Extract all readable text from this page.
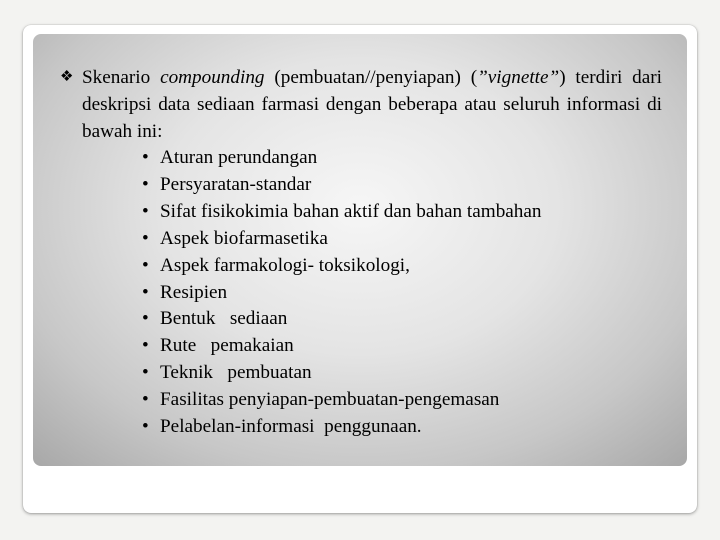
❖ Skenario compounding (pembuatan//penyiapan) (”vignette”) terdiri dari deskripsi data sediaan farmasi dengan beberapa atau seluruh informasi di bawah ini:

• Aturan perundangan
• Persyaratan-standar
• Sifat fisikokimia bahan aktif dan bahan tambahan
• Aspek biofarmasetika
• Aspek farmakologi- toksikologi,
• Resipien
• Bentuk   sediaan
• Rute   pemakaian
• Teknik   pembuatan
• Fasilitas penyiapan-pembuatan-pengemasan
• Pelabelan-informasi  penggunaan.
